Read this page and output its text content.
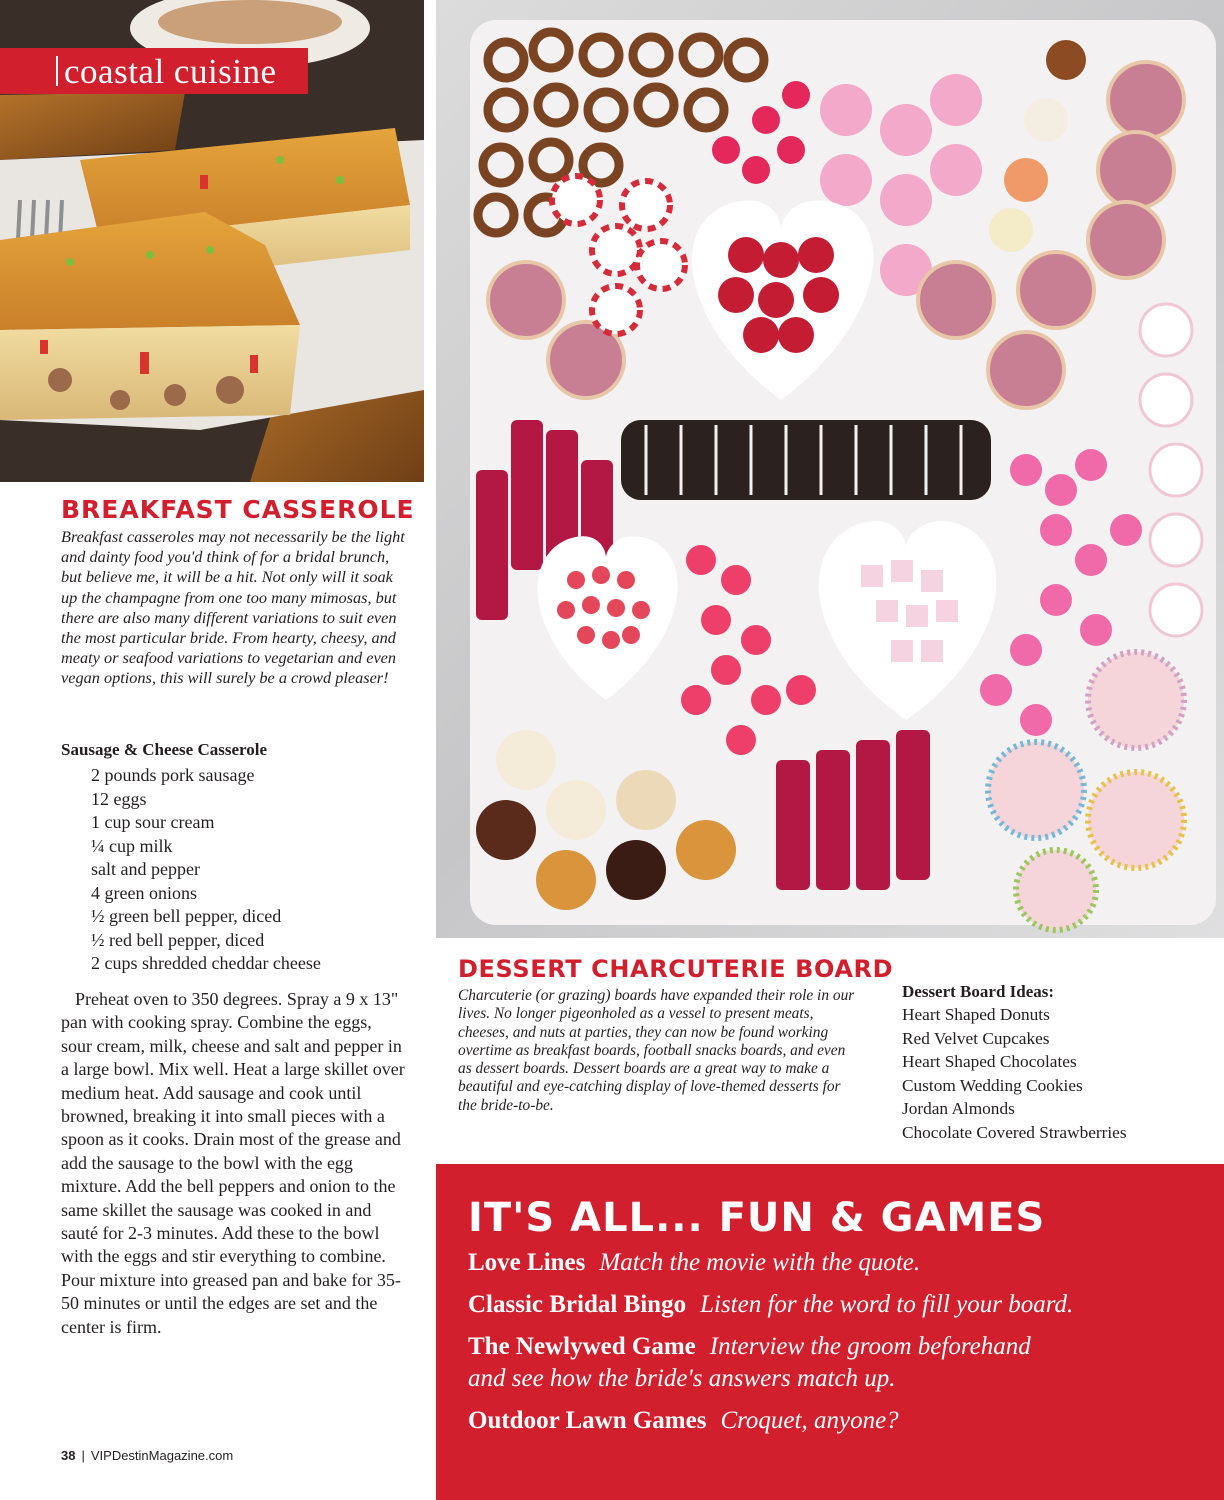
coastal cuisine
BREAKFAST CASSEROLE

Breakfast casseroles may not necessarily be the light and dainty food you'd think of for a bridal brunch, but believe me, it will be a hit. Not only will it soak up the champagne from one too many mimosas, but there are also many different variations to suit even the most particular bride. From hearty, cheesy, and meaty or seafood variations to vegetarian and even vegan options, this will surely be a crowd pleaser!

Sausage & Cheese Casserole
2 pounds pork sausage
12 eggs
1 cup sour cream
¼ cup milk
salt and pepper
4 green onions
½ green bell pepper, diced
½ red bell pepper, diced
2 cups shredded cheddar cheese

Preheat oven to 350 degrees. Spray a 9 x 13" pan with cooking spray. Combine the eggs, sour cream, milk, cheese and salt and pepper in a large bowl. Mix well. Heat a large skillet over medium heat. Add sausage and cook until browned, breaking it into small pieces with a spoon as it cooks. Drain most of the grease and add the sausage to the bowl with the egg mixture. Add the bell peppers and onion to the same skillet the sausage was cooked in and sauté for 2-3 minutes. Add these to the bowl with the eggs and stir everything to combine. Pour mixture into greased pan and bake for 35-50 minutes or until the edges are set and the center is firm.

38 | VIPDestinMagazine.com
DESSERT CHARCUTERIE BOARD

Charcuterie (or grazing) boards have expanded their role in our lives. No longer pigeonholed as a vessel to present meats, cheeses, and nuts at parties, they can now be found working overtime as breakfast boards, football snacks boards, and even as dessert boards. Dessert boards are a great way to make a beautiful and eye-catching display of love-themed desserts for the bride-to-be.

Dessert Board Ideas:
Heart Shaped Donuts
Red Velvet Cupcakes
Heart Shaped Chocolates
Custom Wedding Cookies
Jordan Almonds
Chocolate Covered Strawberries
IT'S ALL... FUN & GAMES
Love Lines Match the movie with the quote.
Classic Bridal Bingo Listen for the word to fill your board.
The Newlywed Game Interview the groom beforehand
and see how the bride's answers match up.
Outdoor Lawn Games Croquet, anyone?
